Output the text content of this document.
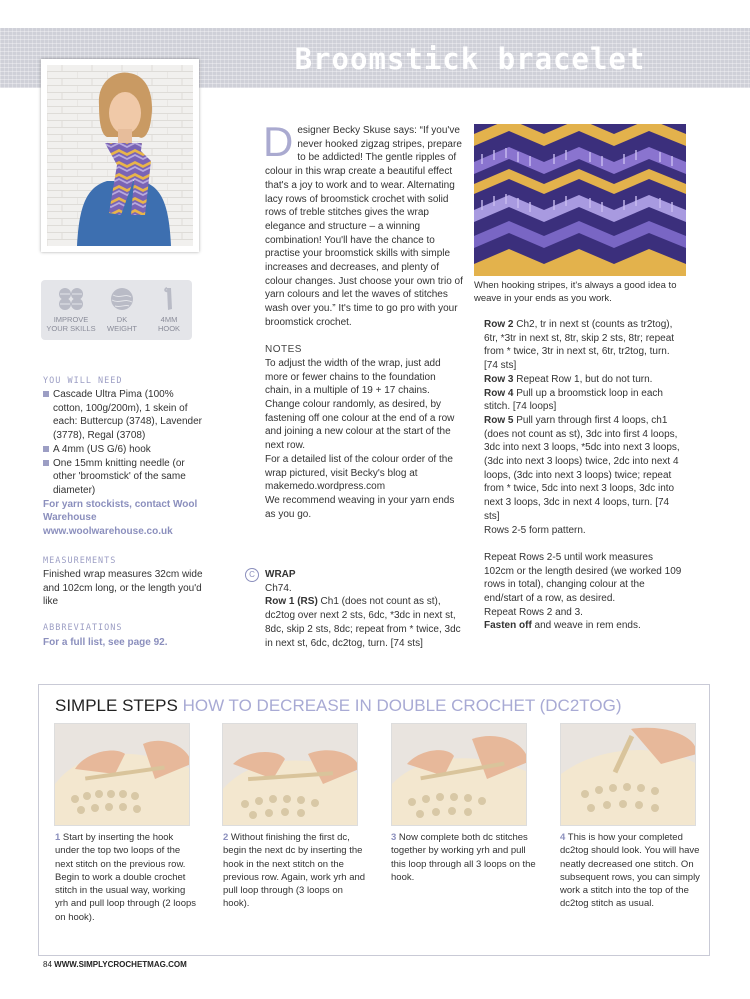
Broomstick bracelet
IMPROVE
YOUR SKILLS
DK
WEIGHT
4MM
HOOK
YOU WILL NEED
Cascade Ultra Pima (100% cotton, 100g/200m), 1 skein of each: Buttercup (3748), Lavender (3778), Regal (3708)
A 4mm (US G/6) hook
One 15mm knitting needle (or other 'broomstick' of the same diameter)
For yarn stockists, contact Wool Warehouse www.woolwarehouse.co.uk
MEASUREMENTS
Finished wrap measures 32cm wide and 102cm long, or the length you'd like
ABBREVIATIONS
For a full list, see page 92.
Designer Becky Skuse says: “If you've never hooked zigzag stripes, prepare to be addicted! The gentle ripples of colour in this wrap create a beautiful effect that's a joy to work and to wear. Alternating lacy rows of broomstick crochet with solid rows of treble stitches gives the wrap elegance and structure – a winning combination! You'll have the chance to practise your broomstick skills with simple increases and decreases, and plenty of colour changes. Just choose your own trio of yarn colours and let the waves of stitches wash over you.” It's time to go pro with your broomstick crochet.
NOTES
To adjust the width of the wrap, just add more or fewer chains to the foundation chain, in a multiple of 19 + 17 chains.
Change colour randomly, as desired, by fastening off one colour at the end of a row and joining a new colour at the start of the next row.
For a detailed list of the colour order of the wrap pictured, visit Becky's blog at makemedo.wordpress.com
We recommend weaving in your yarn ends as you go.
C	WRAP
Ch74.
Row 1 (RS) Ch1 (does not count as st), dc2tog over next 2 sts, 6dc, *3dc in next st, 8dc, skip 2 sts, 8dc; repeat from * twice, 3dc in next st, 6dc, dc2tog, turn. [74 sts]
When hooking stripes, it's always a good idea to weave in your ends as you work.
Row 2 Ch2, tr in next st (counts as tr2tog), 6tr, *3tr in next st, 8tr, skip 2 sts, 8tr; repeat from * twice, 3tr in next st, 6tr, tr2tog, turn. [74 sts]
Row 3 Repeat Row 1, but do not turn.
Row 4 Pull up a broomstick loop in each stitch. [74 loops]
Row 5 Pull yarn through first 4 loops, ch1 (does not count as st), 3dc into first 4 loops, 3dc into next 3 loops, *5dc into next 3 loops, (3dc into next 3 loops) twice, 2dc into next 4 loops, (3dc into next 3 loops) twice; repeat from * twice, 5dc into next 3 loops, 3dc into next 3 loops, 3dc in next 4 loops, turn. [74 sts]
Rows 2-5 form pattern.
Repeat Rows 2-5 until work measures 102cm or the length desired (we worked 109 rows in total), changing colour at the end/start of a row, as desired.
Repeat Rows 2 and 3.
Fasten off and weave in rem ends.
SIMPLE STEPS HOW TO DECREASE IN DOUBLE CROCHET (DC2TOG)
1 Start by inserting the hook under the top two loops of the next stitch on the previous row. Begin to work a double crochet stitch in the usual way, working yrh and pull loop through (2 loops on hook).
2 Without finishing the first dc, begin the next dc by inserting the hook in the next stitch on the previous row. Again, work yrh and pull loop through (3 loops on hook).
3 Now complete both dc stitches together by working yrh and pull this loop through all 3 loops on the hook.
4 This is how your completed dc2tog should look. You will have neatly decreased one stitch. On subsequent rows, you can simply work a stitch into the top of the dc2tog stitch as usual.
84 WWW.SIMPLYCROCHETMAG.COM
